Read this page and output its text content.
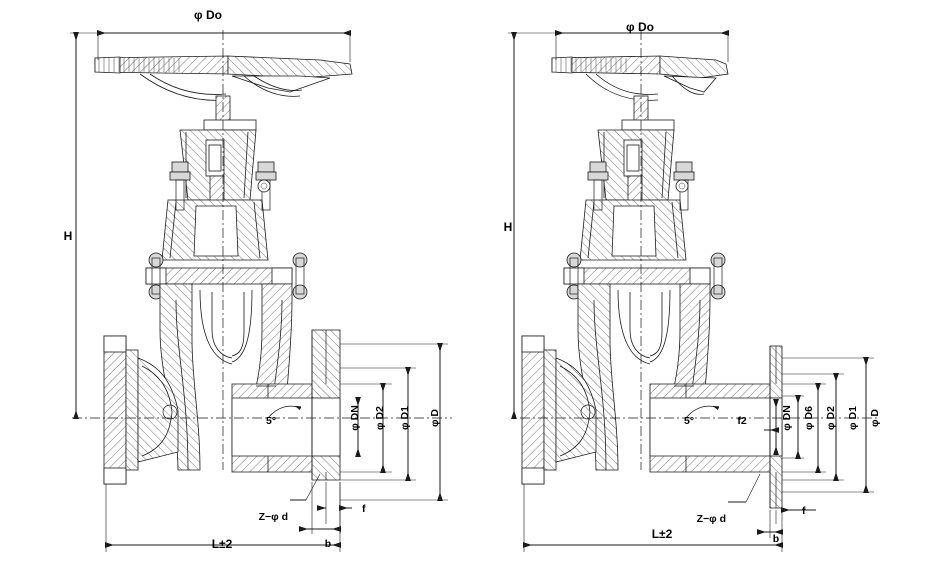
φ Do
H
L±2
5°	φ DN φ D2 φ D1 φ D
Z−φ d
b
f
φ Do
H
L±2
5°	f2	φ DN φ D6 φ D2 φ D1 φ D
Z−φ d
b
f
